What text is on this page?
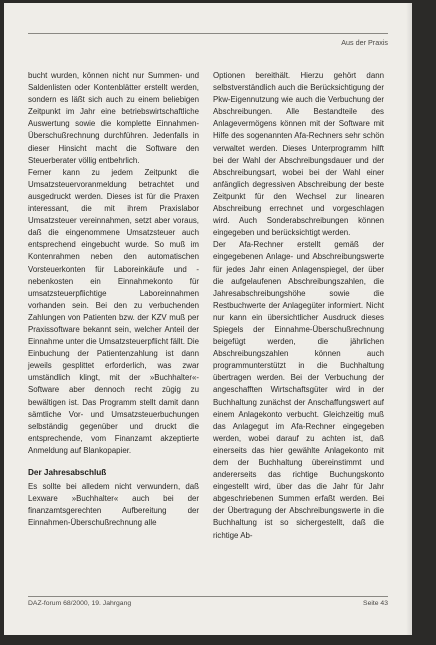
Aus der Praxis

bucht wurden, können nicht nur Summen- und Saldenlisten oder Kontenblätter erstellt werden, sondern es läßt sich auch zu einem beliebigen Zeitpunkt im Jahr eine betriebswirtschaftliche Auswertung sowie die komplette Einnahmen-Überschußrechnung durchführen. Jedenfalls in dieser Hinsicht macht die Software den Steuerberater völlig entbehrlich.

Ferner kann zu jedem Zeitpunkt die Umsatzsteuervoranmeldung betrachtet und ausgedruckt werden. Dieses ist für die Praxen interessant, die mit ihrem Praxislabor Umsatzsteuer vereinnahmen, setzt aber voraus, daß die eingenommene Umsatzsteuer auch entsprechend eingebucht wurde. So muß im Kontenrahmen neben den automatischen Vorsteuerkonten für Laboreinkäufe und -nebenkosten ein Einnahmekonto für umsatzsteuerpflichtige Laboreinnahmen vorhanden sein. Bei den zu verbuchenden Zahlungen von Patienten bzw. der KZV muß per Praxissoftware bekannt sein, welcher Anteil der Einnahme unter die Umsatzsteuerpflicht fällt. Die Einbuchung der Patientenzahlung ist dann jeweils gesplittet erforderlich, was zwar umständlich klingt, mit der »Buchhalter«-Software aber dennoch recht zügig zu bewältigen ist. Das Programm stellt damit dann sämtliche Vor- und Umsatzsteuerbuchungen selbständig gegenüber und druckt die entsprechende, vom Finanzamt akzeptierte Anmeldung auf Blankopapier.

Der Jahresabschluß

Es sollte bei alledem nicht verwundern, daß Lexware »Buchhalter« auch bei der finanzamtsgerechten Aufbereitung der Einnahmen-Überschußrechnung alle

Optionen bereithält. Hierzu gehört dann selbstverständlich auch die Berücksichtigung der Pkw-Eigennutzung wie auch die Verbuchung der Abschreibungen. Alle Bestandteile des Anlagevermögens können mit der Software mit Hilfe des sogenannten Afa-Rechners sehr schön verwaltet werden. Dieses Unterprogramm hilft bei der Wahl der Abschreibungsdauer und der Abschreibungsart, wobei bei der Wahl einer anfänglich degressiven Abschreibung der beste Zeitpunkt für den Wechsel zur linearen Abschreibung errechnet und vorgeschlagen wird. Auch Sonderabschreibungen können eingegeben und berücksichtigt werden.

Der Afa-Rechner erstellt gemäß der eingegebenen Anlage- und Abschreibungswerte für jedes Jahr einen Anlagenspiegel, der über die aufgelaufenen Abschreibungszahlen, die Jahresabschreibungshöhe sowie die Restbuchwerte der Anlagegüter informiert. Nicht nur kann ein übersichtlicher Ausdruck dieses Spiegels der Einnahme-Überschußrechnung beigefügt werden, die jährlichen Abschreibungszahlen können auch programmunterstützt in die Buchhaltung übertragen werden. Bei der Verbuchung der angeschafften Wirtschaftsgüter wird in der Buchhaltung zunächst der Anschaffungswert auf einem Anlagekonto verbucht. Gleichzeitig muß das Anlagegut im Afa-Rechner eingegeben werden, wobei darauf zu achten ist, daß einerseits das hier gewählte Anlagekonto mit dem der Buchhaltung übereinstimmt und andererseits das richtige Buchungskonto eingestellt wird, über das die Jahr für Jahr abgeschriebenen Summen erfaßt werden. Bei der Übertragung der Abschreibungswerte in die Buchhaltung ist so sichergestellt, daß die richtige Ab-

DAZ-forum 68/2000, 19. Jahrgang	Seite 43
